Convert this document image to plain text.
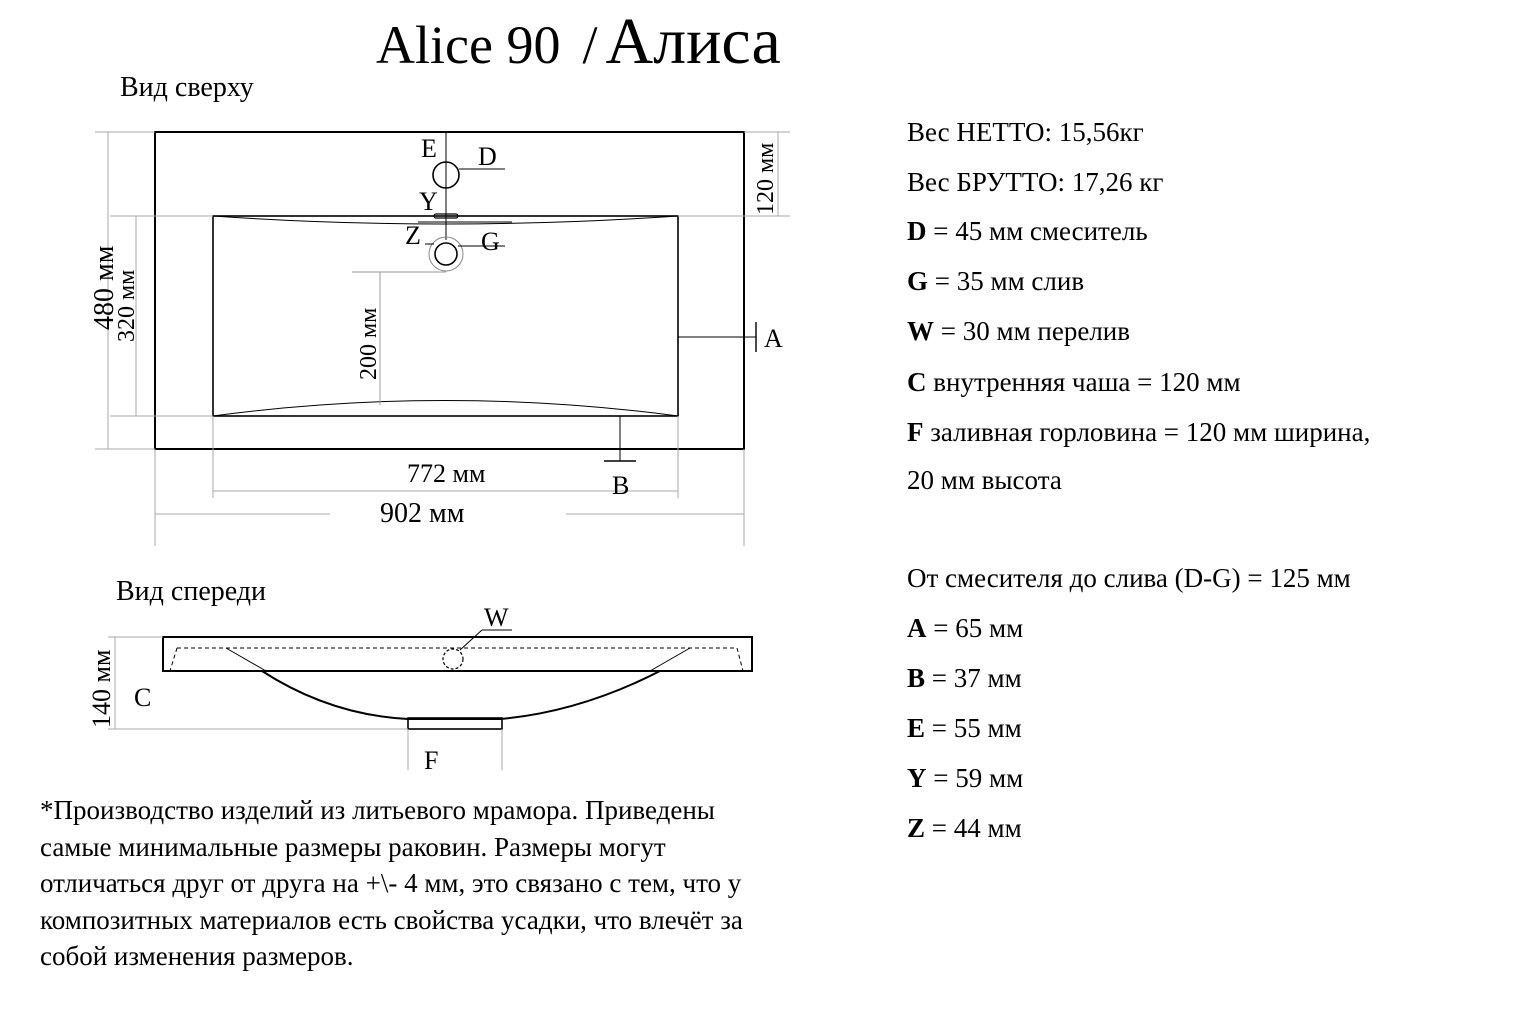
Alice 90 / Алиса
Вид сверху
Вид спереди
E D
Y
Z G
A
B
772 мм
902 мм
480 мм
320 мм
120 мм
200 мм
W
C
F
140 мм
Вес НЕТТО: 15,56кг
Вес БРУТТО: 17,26 кг
D = 45 мм смеситель
G = 35 мм слив
W = 30 мм перелив
C внутренняя чаша = 120 мм
F заливная горловина = 120 мм ширина,
20 мм высота
От смесителя до слива (D-G) = 125 мм
A = 65 мм
B = 37 мм
E = 55 мм
Y = 59 мм
Z = 44 мм
*Производство изделий из литьевого мрамора. Приведены
самые минимальные размеры раковин. Размеры могут
отличаться друг от друга на +\- 4 мм, это связано с тем, что у
композитных материалов есть свойства усадки, что влечёт за
собой изменения размеров.
